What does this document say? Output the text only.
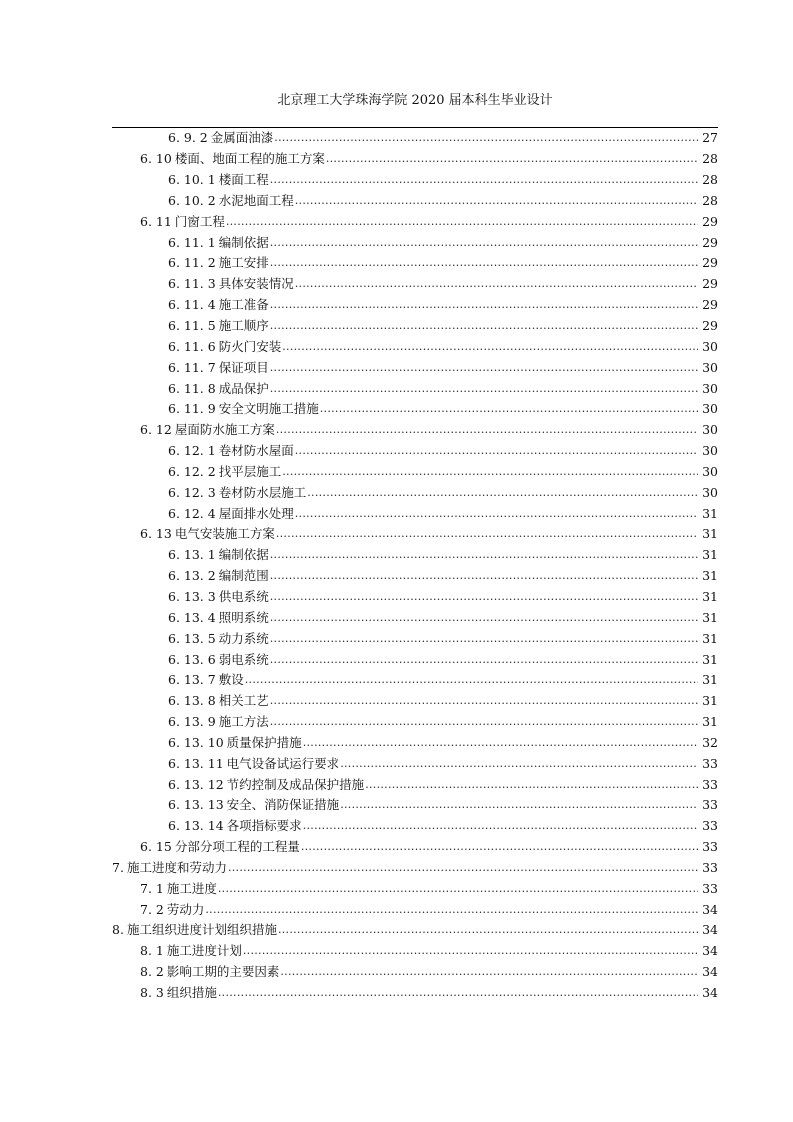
北京理工大学珠海学院 2020 届本科生毕业设计
6. 9. 2 金属面油漆 .....	27
6. 10 楼面、地面工程的施工方案 .....	28
6. 10. 1 楼面工程 .....	28
6. 10. 2 水泥地面工程 .....	28
6. 11 门窗工程 .....	29
6. 11. 1 编制依据 .....	29
6. 11. 2 施工安排 .....	29
6. 11. 3 具体安装情况 .....	29
6. 11. 4 施工准备 .....	29
6. 11. 5 施工顺序 .....	29
6. 11. 6 防火门安装 .....	30
6. 11. 7 保证项目 .....	30
6. 11. 8 成品保护 .....	30
6. 11. 9 安全文明施工措施 .....	30
6. 12 屋面防水施工方案 .....	30
6. 12. 1 卷材防水屋面 .....	30
6. 12. 2 找平层施工 .....	30
6. 12. 3 卷材防水层施工 .....	30
6. 12. 4 屋面排水处理 .....	31
6. 13 电气安装施工方案 .....	31
6. 13. 1 编制依据 .....	31
6. 13. 2 编制范围 .....	31
6. 13. 3 供电系统 .....	31
6. 13. 4 照明系统 .....	31
6. 13. 5 动力系统 .....	31
6. 13. 6 弱电系统 .....	31
6. 13. 7 敷设 .....	31
6. 13. 8 相关工艺 .....	31
6. 13. 9 施工方法 .....	31
6. 13. 10 质量保护措施 .....	32
6. 13. 11 电气设备试运行要求 .....	33
6. 13. 12 节约控制及成品保护措施 .....	33
6. 13. 13 安全、消防保证措施 .....	33
6. 13. 14 各项指标要求 .....	33
6. 15 分部分项工程的工程量 .....	33
7. 施工进度和劳动力 .....	33
7. 1 施工进度 .....	33
7. 2 劳动力 .....	34
8. 施工组织进度计划组织措施 .....	34
8. 1 施工进度计划 .....	34
8. 2 影响工期的主要因素 .....	34
8. 3 组织措施 .....	34
